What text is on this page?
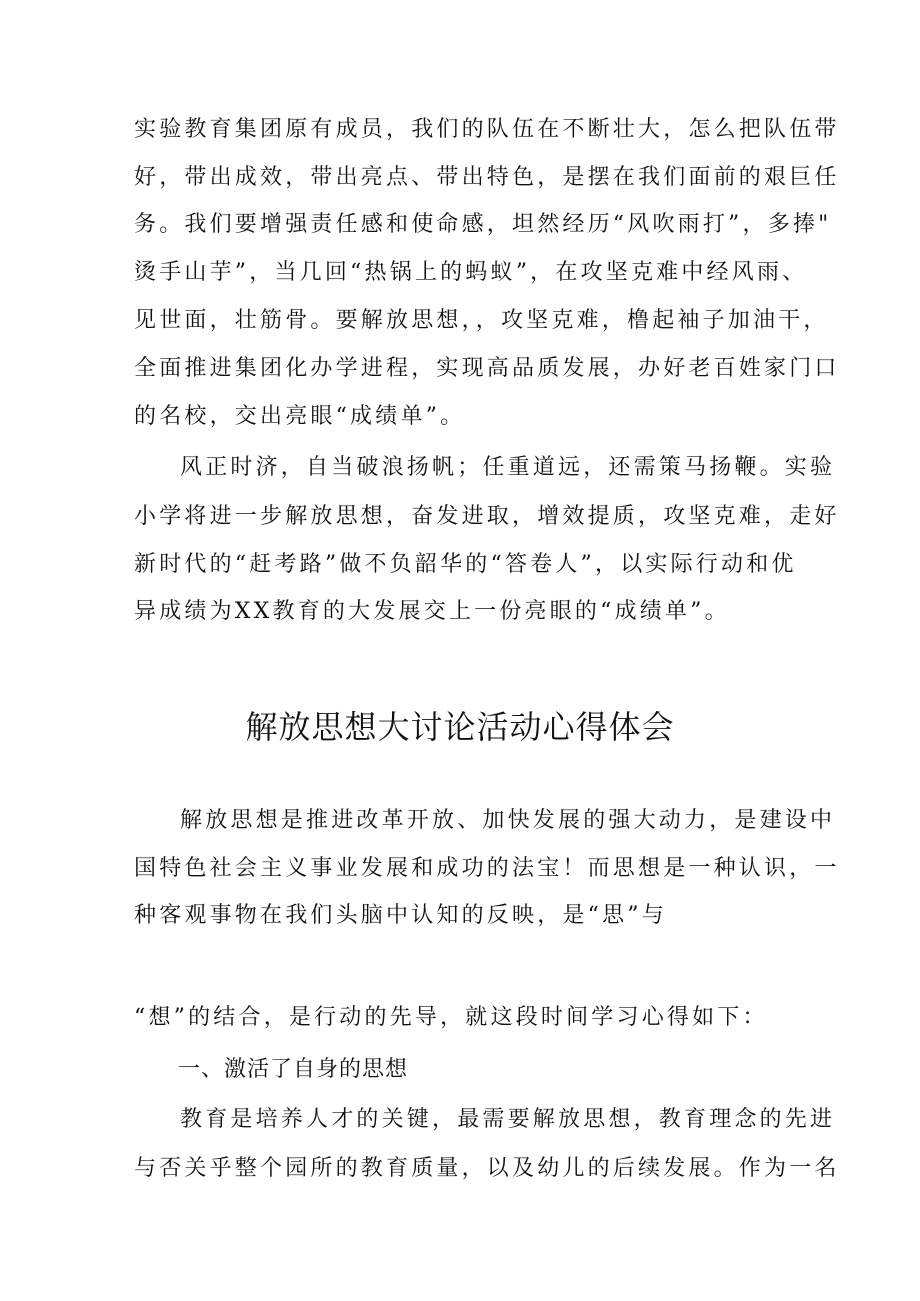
实验教育集团原有成员，我们的队伍在不断壮大，怎么把队伍带
好，带出成效，带出亮点、带出特色，是摆在我们面前的艰巨任
务。我们要增强责任感和使命感，坦然经历“风吹雨打”，多捧"
烫手山芋”，当几回“热锅上的蚂蚁”，在攻坚克难中经风雨、
见世面，壮筋骨。要解放思想，，攻坚克难，橹起袖子加油干，
全面推进集团化办学进程，实现高品质发展，办好老百姓家门口
的名校，交出亮眼“成绩单”。
风正时济，自当破浪扬帆；任重道远，还需策马扬鞭。实验
小学将进一步解放思想，奋发进取，增效提质，攻坚克难，走好
新时代的“赶考路”做不负韶华的“答卷人”，以实际行动和优
异成绩为XX教育的大发展交上一份亮眼的“成绩单”。
解放思想大讨论活动心得体会
解放思想是推进改革开放、加快发展的强大动力，是建设中
国特色社会主义事业发展和成功的法宝！而思想是一种认识，一
种客观事物在我们头脑中认知的反映，是“思”与
“想”的结合，是行动的先导，就这段时间学习心得如下：
一、激活了自身的思想
教育是培养人才的关键，最需要解放思想，教育理念的先进
与否关乎整个园所的教育质量，以及幼儿的后续发展。作为一名
